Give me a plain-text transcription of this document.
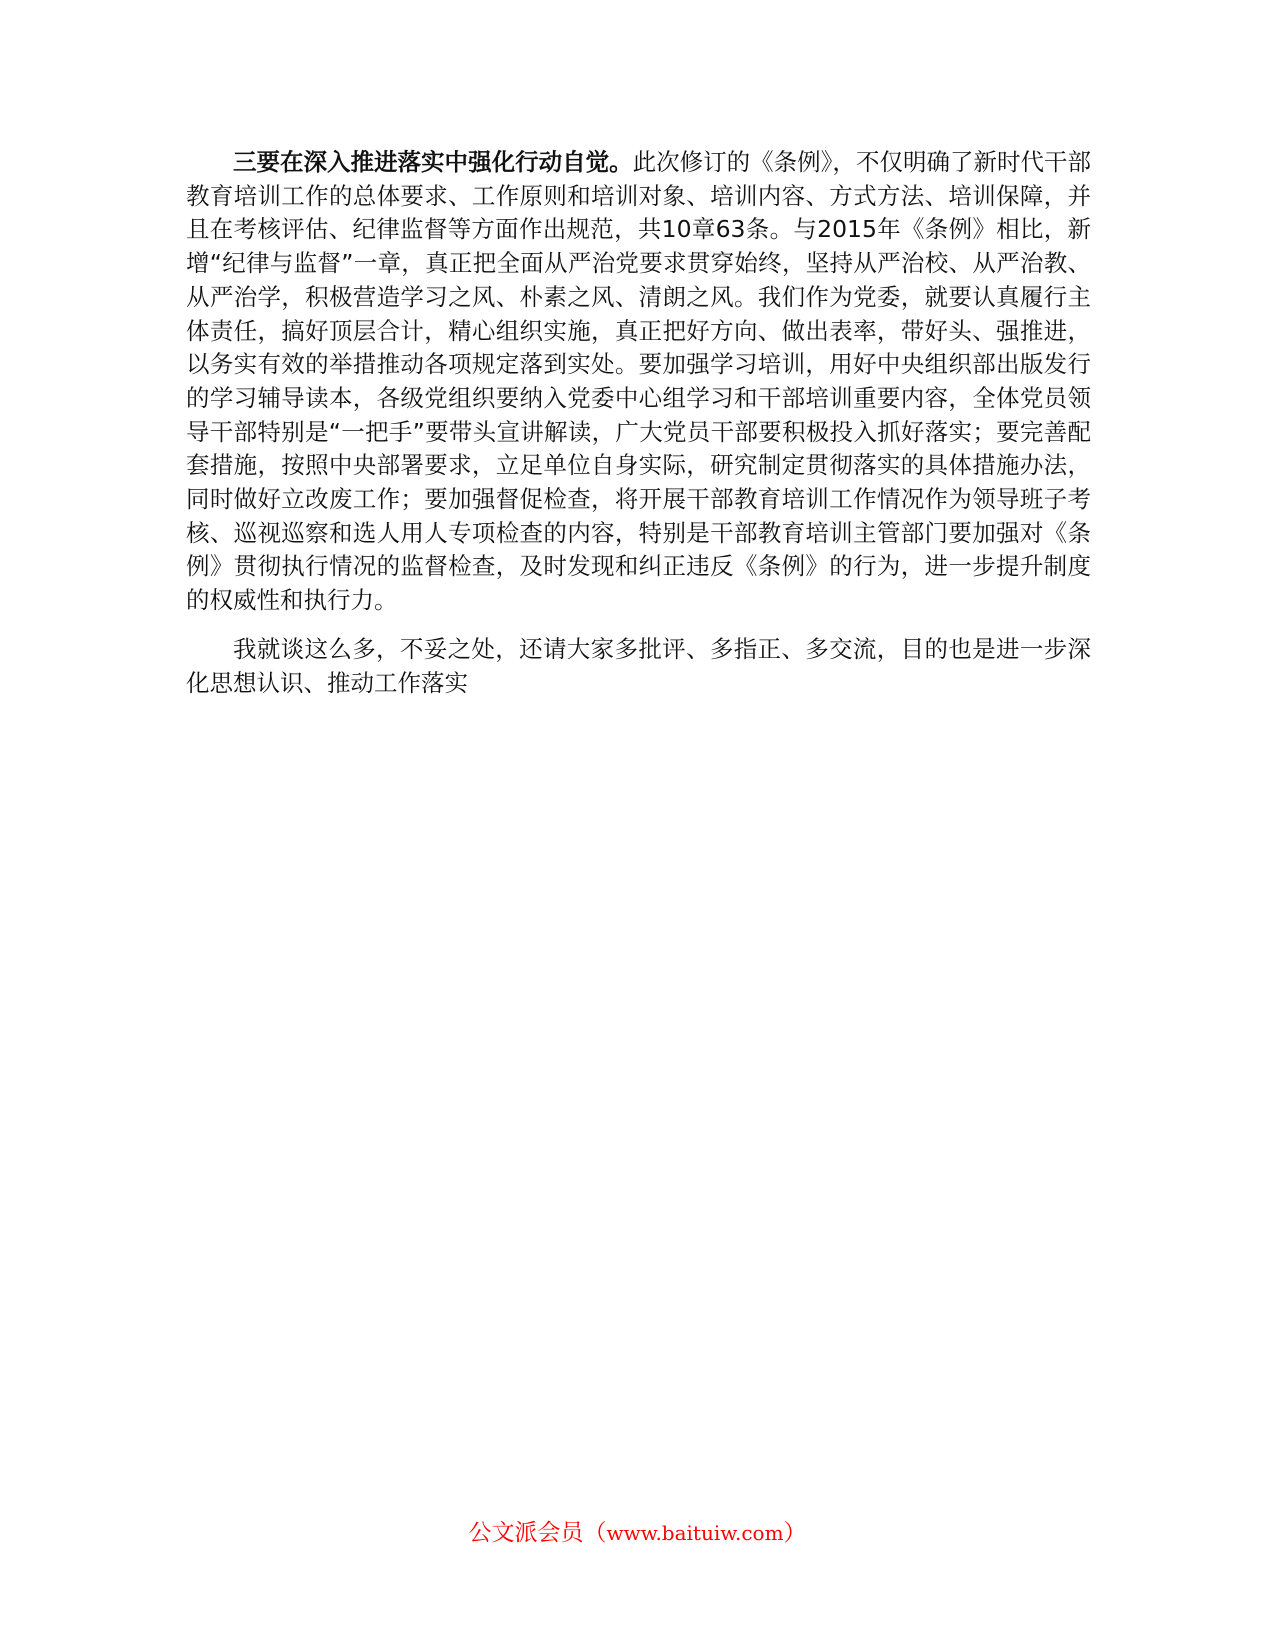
三要在深入推进落实中强化行动自觉。此次修订的《条例》，不仅明确了新时代干部教育培训工作的总体要求、工作原则和培训对象、培训内容、方式方法、培训保障，并且在考核评估、纪律监督等方面作出规范，共10章63条。与2015年《条例》相比，新增“纪律与监督”一章，真正把全面从严治党要求贯穿始终，坚持从严治校、从严治教、从严治学，积极营造学习之风、朴素之风、清朗之风。我们作为党委，就要认真履行主体责任，搞好顶层合计，精心组织实施，真正把好方向、做出表率，带好头、强推进，以务实有效的举措推动各项规定落到实处。要加强学习培训，用好中央组织部出版发行的学习辅导读本，各级党组织要纳入党委中心组学习和干部培训重要内容，全体党员领导干部特别是“一把手”要带头宣讲解读，广大党员干部要积极投入抓好落实；要完善配套措施，按照中央部署要求，立足单位自身实际，研究制定贯彻落实的具体措施办法，同时做好立改废工作；要加强督促检查，将开展干部教育培训工作情况作为领导班子考核、巡视巡察和选人用人专项检查的内容，特别是干部教育培训主管部门要加强对《条例》贯彻执行情况的监督检查，及时发现和纠正违反《条例》的行为，进一步提升制度的权威性和执行力。

我就谈这么多，不妥之处，还请大家多批评、多指正、多交流，目的也是进一步深化思想认识、推动工作落实

公文派会员（www.baituiw.com）
